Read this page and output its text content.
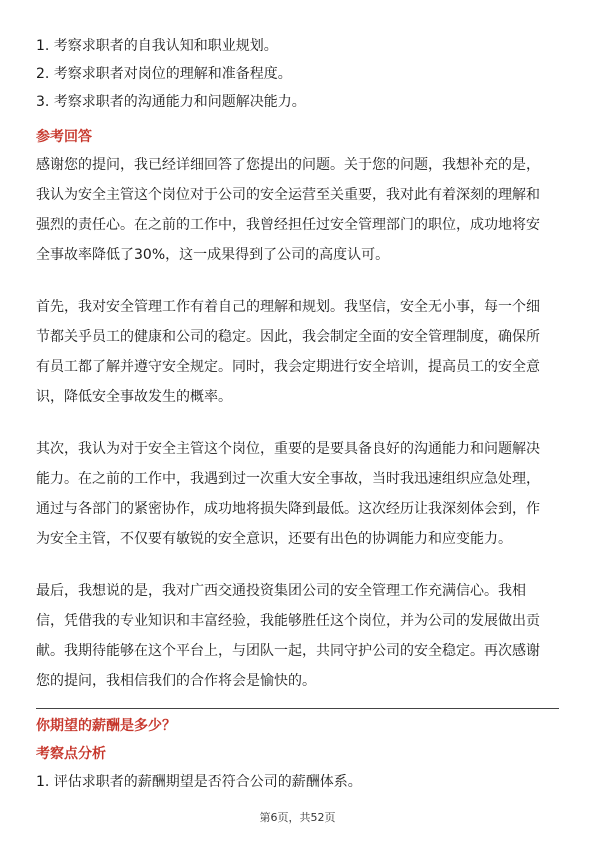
1. 考察求职者的自我认知和职业规划。
2. 考察求职者对岗位的理解和准备程度。
3. 考察求职者的沟通能力和问题解决能力。
参考回答
感谢您的提问，我已经详细回答了您提出的问题。关于您的问题，我想补充的是，
我认为安全主管这个岗位对于公司的安全运营至关重要，我对此有着深刻的理解和
强烈的责任心。在之前的工作中，我曾经担任过安全管理部门的职位，成功地将安
全事故率降低了30%，这一成果得到了公司的高度认可。
首先，我对安全管理工作有着自己的理解和规划。我坚信，安全无小事，每一个细
节都关乎员工的健康和公司的稳定。因此，我会制定全面的安全管理制度，确保所
有员工都了解并遵守安全规定。同时，我会定期进行安全培训，提高员工的安全意
识，降低安全事故发生的概率。
其次，我认为对于安全主管这个岗位，重要的是要具备良好的沟通能力和问题解决
能力。在之前的工作中，我遇到过一次重大安全事故，当时我迅速组织应急处理，
通过与各部门的紧密协作，成功地将损失降到最低。这次经历让我深刻体会到，作
为安全主管，不仅要有敏锐的安全意识，还要有出色的协调能力和应变能力。
最后，我想说的是，我对广西交通投资集团公司的安全管理工作充满信心。我相
信，凭借我的专业知识和丰富经验，我能够胜任这个岗位，并为公司的发展做出贡
献。我期待能够在这个平台上，与团队一起，共同守护公司的安全稳定。再次感谢
您的提问，我相信我们的合作将会是愉快的。
你期望的薪酬是多少？
考察点分析
1. 评估求职者的薪酬期望是否符合公司的薪酬体系。
第6页，共52页
